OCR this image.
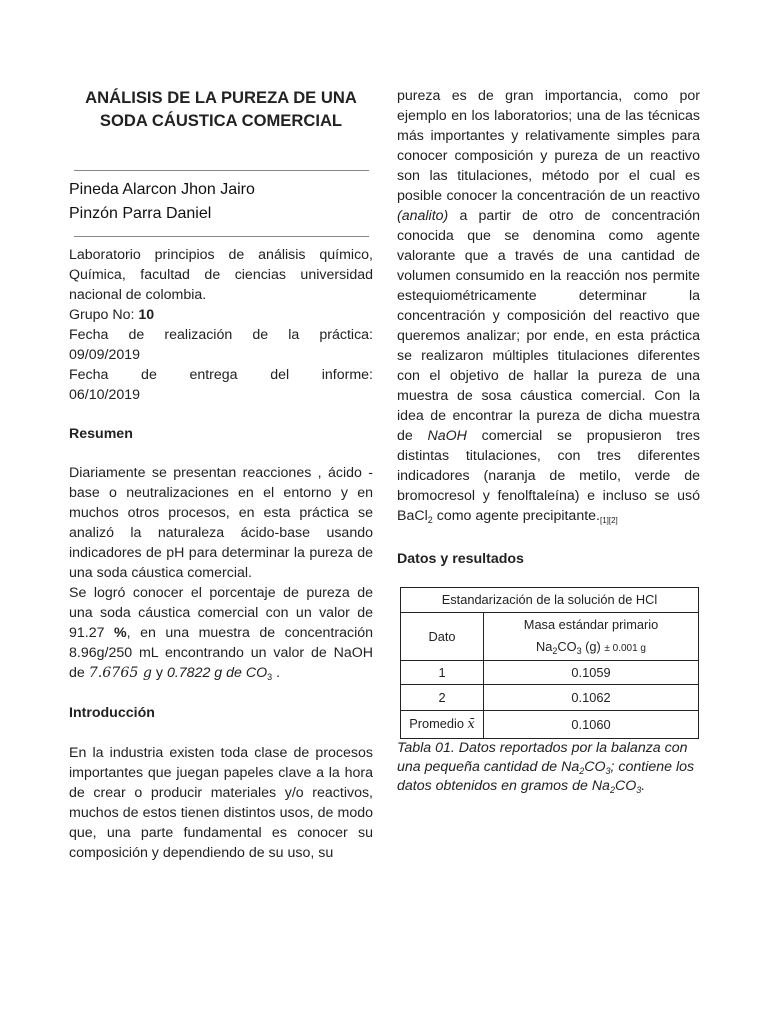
ANÁLISIS DE LA PUREZA DE UNA SODA CÁUSTICA COMERCIAL
Pineda Alarcon Jhon Jairo
Pinzón Parra Daniel

Laboratorio principios de análisis químico, Química, facultad de ciencias universidad nacional de colombia.

Grupo No: 10

Fecha de realización de la práctica:

09/09/2019

Fecha de entrega del informe:

06/10/2019

Resumen

Diariamente se presentan reacciones , ácido - base o neutralizaciones en el entorno y en muchos otros procesos, en esta práctica se analizó la naturaleza ácido-base usando indicadores de pH para determinar la pureza de una soda cáustica comercial.

Se logró conocer el porcentaje de pureza de una soda cáustica comercial con un valor de 91.27 %, en una muestra de concentración 8.96g/250 mL encontrando un valor de NaOH de 7.6765 g y 0.7822 g de $CO_3$ .

Introducción

En la industria existen toda clase de procesos importantes que juegan papeles clave a la hora de crear o producir materiales y/o reactivos, muchos de estos tienen distintos usos, de modo que, una parte fundamental es conocer su composición y dependiendo de su uso, su

pureza es de gran importancia, como por ejemplo en los laboratorios; una de las técnicas más importantes y relativamente simples para conocer composición y pureza de un reactivo son las titulaciones, método por el cual es posible conocer la concentración de un reactivo (analito) a partir de otro de concentración conocida que se denomina como agente valorante que a través de una cantidad de volumen consumido en la reacción nos permite estequiométricamente determinar la concentración y composición del reactivo que queremos analizar; por ende, en esta práctica se realizaron múltiples titulaciones diferentes con el objetivo de hallar la pureza de una muestra de sosa cáustica comercial. Con la idea de encontrar la pureza de dicha muestra de NaOH comercial se propusieron tres distintas titulaciones, con tres diferentes indicadores (naranja de metilo, verde de bromocresol y fenolftaleína) e incluso se usó BaCl$_2$ como agente $precipitante._{[1][2]}$

Datos y resultados

Estandarización de la solución de HCl	
Dato	Masa estándar primario
$Na_2CO_3$ (g) ± 0.001 g

1	0.1059
2	0.1062
Promedio x̄	0.1060

Tabla 01. Datos reportados por la balanza con una pequeña cantidad de $Na_2CO_3$; contiene los datos obtenidos en gramos de $Na_2CO_3$.
